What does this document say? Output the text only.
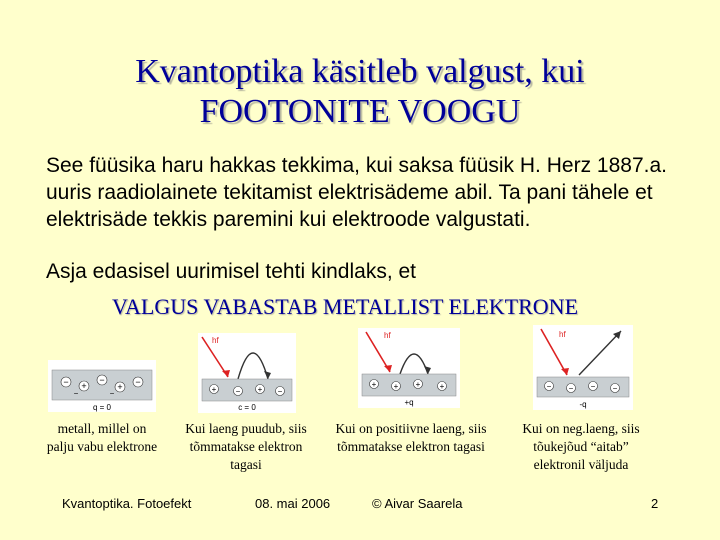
Kvantoptika käsitleb valgust, kui
FOOTONITE VOOGU
See füüsika haru hakkas tekkima, kui saksa füüsik H. Herz 1887.a. uuris raadiolainete tekitamist elektrisädeme abil. Ta pani tähele et elektrisäde tekkis paremini kui elektroode valgustati.
Asja edasisel uurimisel tehti kindlaks, et
VALGUS VABASTAB METALLIST ELEKTRONE
− +
−
+ −
−	−
q = 0
hf
+ − + −
c = 0
hf
+ + + +
+q
hf
− − − −
-q
metall, millel on palju vabu elektrone
Kui laeng puudub, siis tõmmatakse elektron tagasi
Kui on positiivne laeng, siis tõmmatakse elektron tagasi
Kui on neg.laeng, siis tõukejõud “aitab” elektronil väljuda
Kvantoptika. Fotoefekt	08. mai 2006	© Aivar Saarela	2
